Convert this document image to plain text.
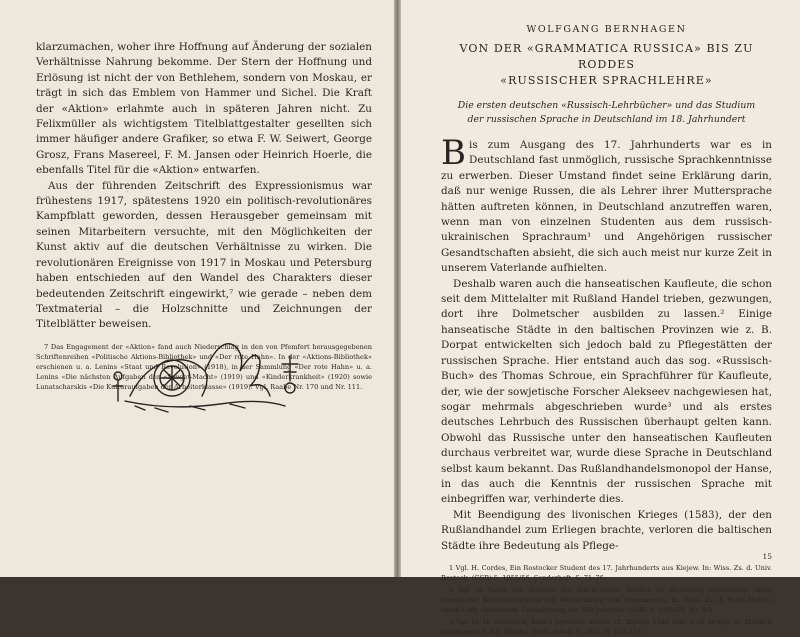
klarzumachen, woher ihre Hoffnung auf Änderung der sozialen Verhältnisse Nahrung bekomme. Der Stern der Hoffnung und Erlösung ist nicht der von Bethlehem, sondern von Moskau, er trägt in sich das Emblem von Hammer und Sichel. Die Kraft der «Aktion» erlahmte auch in späteren Jahren nicht. Zu Felixmüller als wichtigstem Titelblattgestalter gesellten sich immer häufiger andere Grafiker, so etwa F. W. Seiwert, George Grosz, Frans Masereel, F. M. Jansen oder Heinrich Hoerle, die ebenfalls Titel für die «Aktion» entwarfen.

Aus der führenden Zeitschrift des Expressionismus war frühestens 1917, spätestens 1920 ein politisch-revolutionäres Kampfblatt geworden, dessen Herausgeber gemeinsam mit seinen Mitarbeitern versuchte, mit den Möglichkeiten der Kunst aktiv auf die deutschen Verhältnisse zu wirken. Die revolutionären Ereignisse von 1917 in Moskau und Petersburg haben entschieden auf den Wandel des Charakters dieser bedeutenden Zeitschrift eingewirkt,⁷ wie gerade – neben dem Textmaterial – die Holzschnitte und Zeichnungen der Titelblätter beweisen.

7 Das Engagement der «Aktion» fand auch Niederschlag in den von Pfemfert herausgegebenen Schriftenreihen «Politische Aktions-Bibliothek» und «Der rote Hahn». In der «Aktions-Bibliothek» erschienen u. a. Lenins «Staat und Revolution» (1918), in der Sammlung «Der rote Hahn» u. a. Lenins «Die nächsten Aufgaben der «Sowjet-Macht» (1919) und «Kinderkrankheit» (1920) sowie Lunatscharskis «Die Kulturaufgaben der Arbeiterklasse» (1919). Vgl. Raabe Nr. 170 und Nr. 111.

WOLFGANG BERNHAGEN
VON DER «GRAMMATICA RUSSICA» BIS ZU RODDES
«RUSSISCHER SPRACHLEHRE»
Die ersten deutschen «Russisch-Lehrbücher» und das Studium
der russischen Sprache in Deutschland im 18. Jahrhundert

Bis zum Ausgang des 17. Jahrhunderts war es in Deutschland fast unmöglich, russische Sprachkenntnisse zu erwerben. Dieser Umstand findet seine Erklärung darin, daß nur wenige Russen, die als Lehrer ihrer Muttersprache hätten auftreten können, in Deutschland anzutreffen waren, wenn man von einzelnen Studenten aus dem russisch-ukrainischen Sprachraum¹ und Angehörigen russischer Gesandtschaften absieht, die sich auch meist nur kurze Zeit in unserem Vaterlande aufhielten.

Deshalb waren auch die hanseatischen Kaufleute, die schon seit dem Mittelalter mit Rußland Handel trieben, gezwungen, dort ihre Dolmetscher ausbilden zu lassen.² Einige hanseatische Städte in den baltischen Provinzen wie z. B. Dorpat entwickelten sich jedoch bald zu Pflegestätten der russischen Sprache. Hier entstand auch das sog. «Russisch-Buch» des Thomas Schroue, ein Sprachführer für Kaufleute, der, wie der sowjetische Forscher Alekseev nachgewiesen hat, sogar mehrmals abgeschrieben wurde³ und als erstes deutsches Lehrbuch des Russischen überhaupt gelten kann. Obwohl das Russische unter den hanseatischen Kaufleuten durchaus verbreitet war, wurde diese Sprache in Deutschland selbst kaum bekannt. Das Rußlandhandelsmonopol der Hanse, in das auch die Kenntnis der russischen Sprache mit einbegriffen war, verhinderte dies.

Mit Beendigung des livonischen Krieges (1583), der den Rußlandhandel zum Erliegen brachte, verloren die baltischen Städte ihre Bedeutung als Pflege-

1 Vgl. H. Cordes, Ein Rostocker Student des 17. Jahrhunderts aus Kiejew. In: Wiss. Zs. d. Univ. Rostock, (GSR) 5, 1955/56, Sonderheft, S. 71–76.

2 Vgl. N. Raab, Die Anfänge der Slavistischen Studien im deutschen Ostseeraum unter besonderer Berücksichtigung von Mecklenburg und Vorpommern. In: Wiss. Zs. d. Ernst-Moritz-Arndt-Univ. Greifswald. Festjahrgang zur 500-Jahrfeier (GSR) 5, 1955/56, Nr. 4/5.

3 Vgl. М. П. Алексеев, Книга русского языка «Т. Шроое 1546 года и её автор» in: Памяти академика Л. Вл. Щербы (1880–1944) Л. 1951, S. 105–111.

15
